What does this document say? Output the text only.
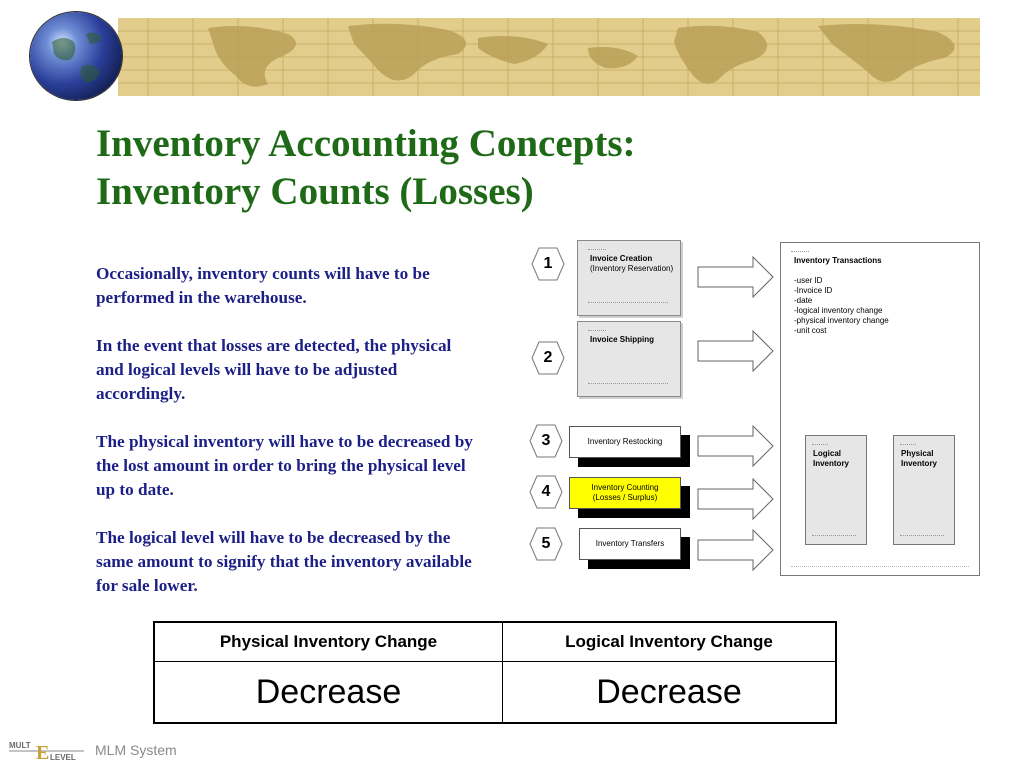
Inventory Accounting Concepts:
Inventory Counts (Losses)

Occasionally, inventory counts will have to be performed in the warehouse.

In the event that losses are detected, the physical and logical levels will have to be adjusted accordingly.

The physical inventory will have to be decreased by the lost amount in order to bring the physical level up to date.

The logical level will have to be decreased by the same amount to signify that the inventory available for sale lower.

1
2
3
4
5
Invoice Creation
(Inventory Reservation)
Invoice Shipping
Inventory Restocking
Inventory Counting
(Losses / Surplus)
Inventory Transfers
Inventory Transactions
-user ID
-Invoice ID
-date
-logical inventory change
-physical inventory change
-unit cost
Logical
Inventory
Physical
Inventory
Physical Inventory Change	Logical Inventory Change
Decrease	Decrease
MULT E LEVEL MLM System
